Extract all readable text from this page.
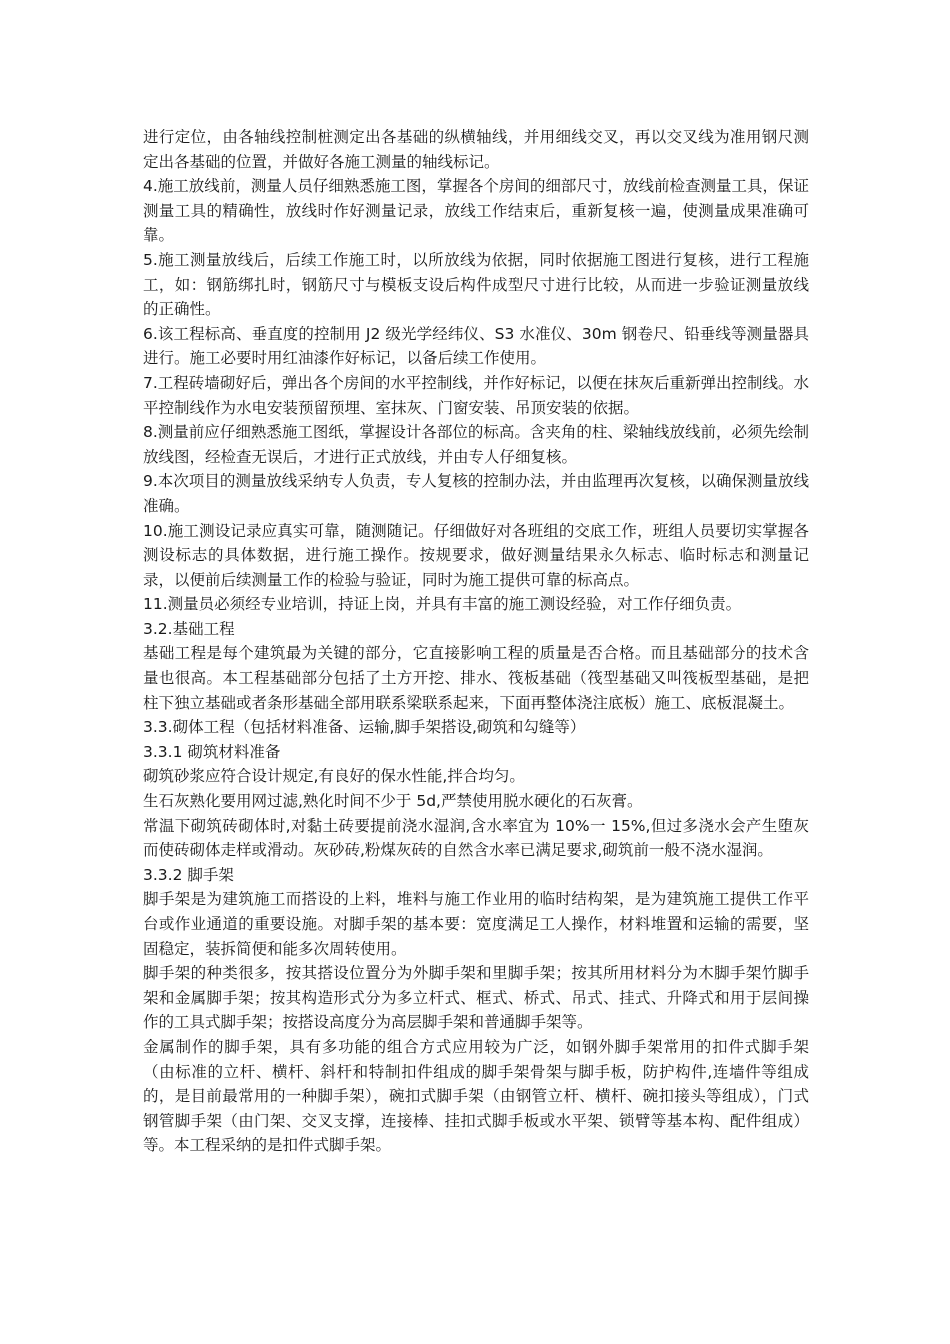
进行定位，由各轴线控制桩测定出各基础的纵横轴线，并用细线交叉，再以交叉线为准用钢尺测定出各基础的位置，并做好各施工测量的轴线标记。

4.施工放线前，测量人员仔细熟悉施工图，掌握各个房间的细部尺寸，放线前检查测量工具，保证测量工具的精确性，放线时作好测量记录，放线工作结束后，重新复核一遍，使测量成果准确可靠。

5.施工测量放线后，后续工作施工时，以所放线为依据，同时依据施工图进行复核，进行工程施工，如：钢筋绑扎时，钢筋尺寸与模板支设后构件成型尺寸进行比较，从而进一步验证测量放线的正确性。

6.该工程标高、垂直度的控制用 J2 级光学经纬仪、S3 水准仪、30m 钢卷尺、铅垂线等测量器具进行。施工必要时用红油漆作好标记，以备后续工作使用。

7.工程砖墙砌好后，弹出各个房间的水平控制线，并作好标记，以便在抹灰后重新弹出控制线。水平控制线作为水电安装预留预埋、室抹灰、门窗安装、吊顶安装的依据。

8.测量前应仔细熟悉施工图纸，掌握设计各部位的标高。含夹角的柱、梁轴线放线前，必须先绘制放线图，经检查无误后，才进行正式放线，并由专人仔细复核。

9.本次项目的测量放线采纳专人负责，专人复核的控制办法，并由监理再次复核，以确保测量放线准确。

10.施工测设记录应真实可靠，随测随记。仔细做好对各班组的交底工作，班组人员要切实掌握各测设标志的具体数据，进行施工操作。按规要求，做好测量结果永久标志、临时标志和测量记录，以便前后续测量工作的检验与验证，同时为施工提供可靠的标高点。

11.测量员必须经专业培训，持证上岗，并具有丰富的施工测设经验，对工作仔细负责。

3.2.基础工程

基础工程是每个建筑最为关键的部分，它直接影响工程的质量是否合格。而且基础部分的技术含量也很高。本工程基础部分包括了土方开挖、排水、筏板基础（筏型基础又叫筏板型基础，是把柱下独立基础或者条形基础全部用联系梁联系起来，下面再整体浇注底板）施工、底板混凝土。

3.3.砌体工程（包括材料准备、运输,脚手架搭设,砌筑和勾缝等）

3.3.1 砌筑材料准备

砌筑砂浆应符合设计规定,有良好的保水性能,拌合均匀。

生石灰熟化要用网过滤,熟化时间不少于 5d,严禁使用脱水硬化的石灰膏。

常温下砌筑砖砌体时,对黏土砖要提前浇水湿润,含水率宜为 10%一 15%,但过多浇水会产生堕灰而使砖砌体走样或滑动。灰砂砖,粉煤灰砖的自然含水率已满足要求,砌筑前一般不浇水湿润。

3.3.2 脚手架

脚手架是为建筑施工而搭设的上料，堆料与施工作业用的临时结构架，是为建筑施工提供工作平台或作业通道的重要设施。对脚手架的基本要：宽度满足工人操作，材料堆置和运输的需要，坚固稳定，装拆简便和能多次周转使用。

脚手架的种类很多，按其搭设位置分为外脚手架和里脚手架；按其所用材料分为木脚手架竹脚手架和金属脚手架；按其构造形式分为多立杆式、框式、桥式、吊式、挂式、升降式和用于层间操作的工具式脚手架；按搭设高度分为高层脚手架和普通脚手架等。

金属制作的脚手架，具有多功能的组合方式应用较为广泛，如钢外脚手架常用的扣件式脚手架（由标准的立杆、横杆、斜杆和特制扣件组成的脚手架骨架与脚手板，防护构件,连墙件等组成的，是目前最常用的一种脚手架），碗扣式脚手架（由钢管立杆、横杆、碗扣接头等组成），门式钢管脚手架（由门架、交叉支撑，连接棒、挂扣式脚手板或水平架、锁臂等基本构、配件组成）等。本工程采纳的是扣件式脚手架。
